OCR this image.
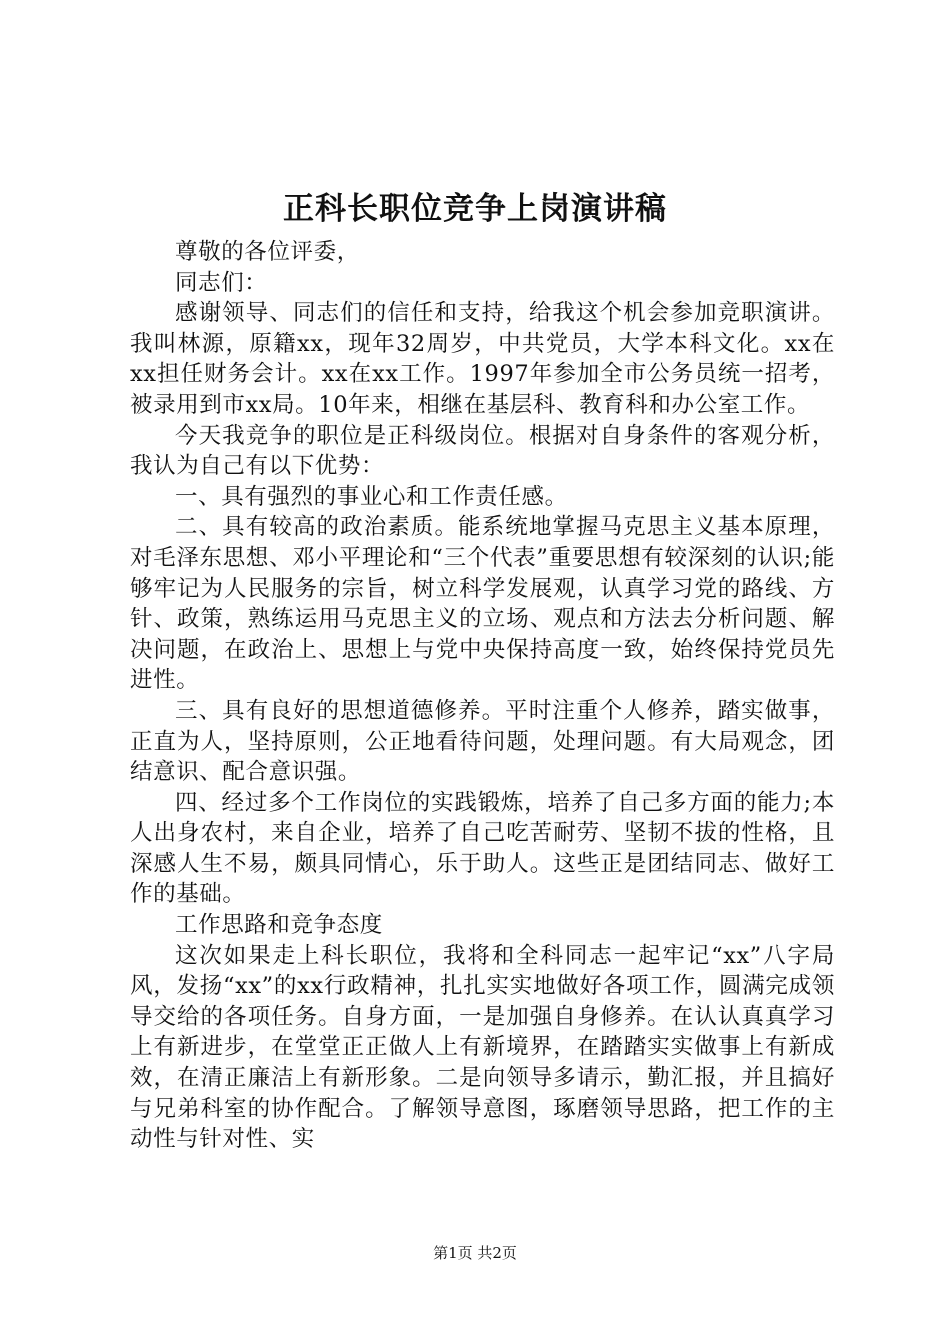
正科长职位竞争上岗演讲稿

尊敬的各位评委，

同志们：

感谢领导、同志们的信任和支持，给我这个机会参加竞职演讲。我叫林源，原籍xx，现年32周岁，中共党员，大学本科文化。xx在xx担任财务会计。xx在xx工作。1997年参加全市公务员统一招考，被录用到市xx局。10年来，相继在基层科、教育科和办公室工作。

今天我竞争的职位是正科级岗位。根据对自身条件的客观分析，我认为自己有以下优势：

一、具有强烈的事业心和工作责任感。

二、具有较高的政治素质。能系统地掌握马克思主义基本原理，对毛泽东思想、邓小平理论和“三个代表”重要思想有较深刻的认识;能够牢记为人民服务的宗旨，树立科学发展观，认真学习党的路线、方针、政策，熟练运用马克思主义的立场、观点和方法去分析问题、解决问题，在政治上、思想上与党中央保持高度一致，始终保持党员先进性。

三、具有良好的思想道德修养。平时注重个人修养，踏实做事，正直为人，坚持原则，公正地看待问题，处理问题。有大局观念，团结意识、配合意识强。

四、经过多个工作岗位的实践锻炼，培养了自己多方面的能力;本人出身农村，来自企业，培养了自己吃苦耐劳、坚韧不拔的性格，且深感人生不易，颇具同情心，乐于助人。这些正是团结同志、做好工作的基础。

工作思路和竞争态度

这次如果走上科长职位，我将和全科同志一起牢记“xx”八字局风，发扬“xx”的xx行政精神，扎扎实实地做好各项工作，圆满完成领导交给的各项任务。自身方面，一是加强自身修养。在认认真真学习上有新进步，在堂堂正正做人上有新境界，在踏踏实实做事上有新成效，在清正廉洁上有新形象。二是向领导多请示，勤汇报，并且搞好与兄弟科室的协作配合。了解领导意图，琢磨领导思路，把工作的主动性与针对性、实

第1页 共2页
